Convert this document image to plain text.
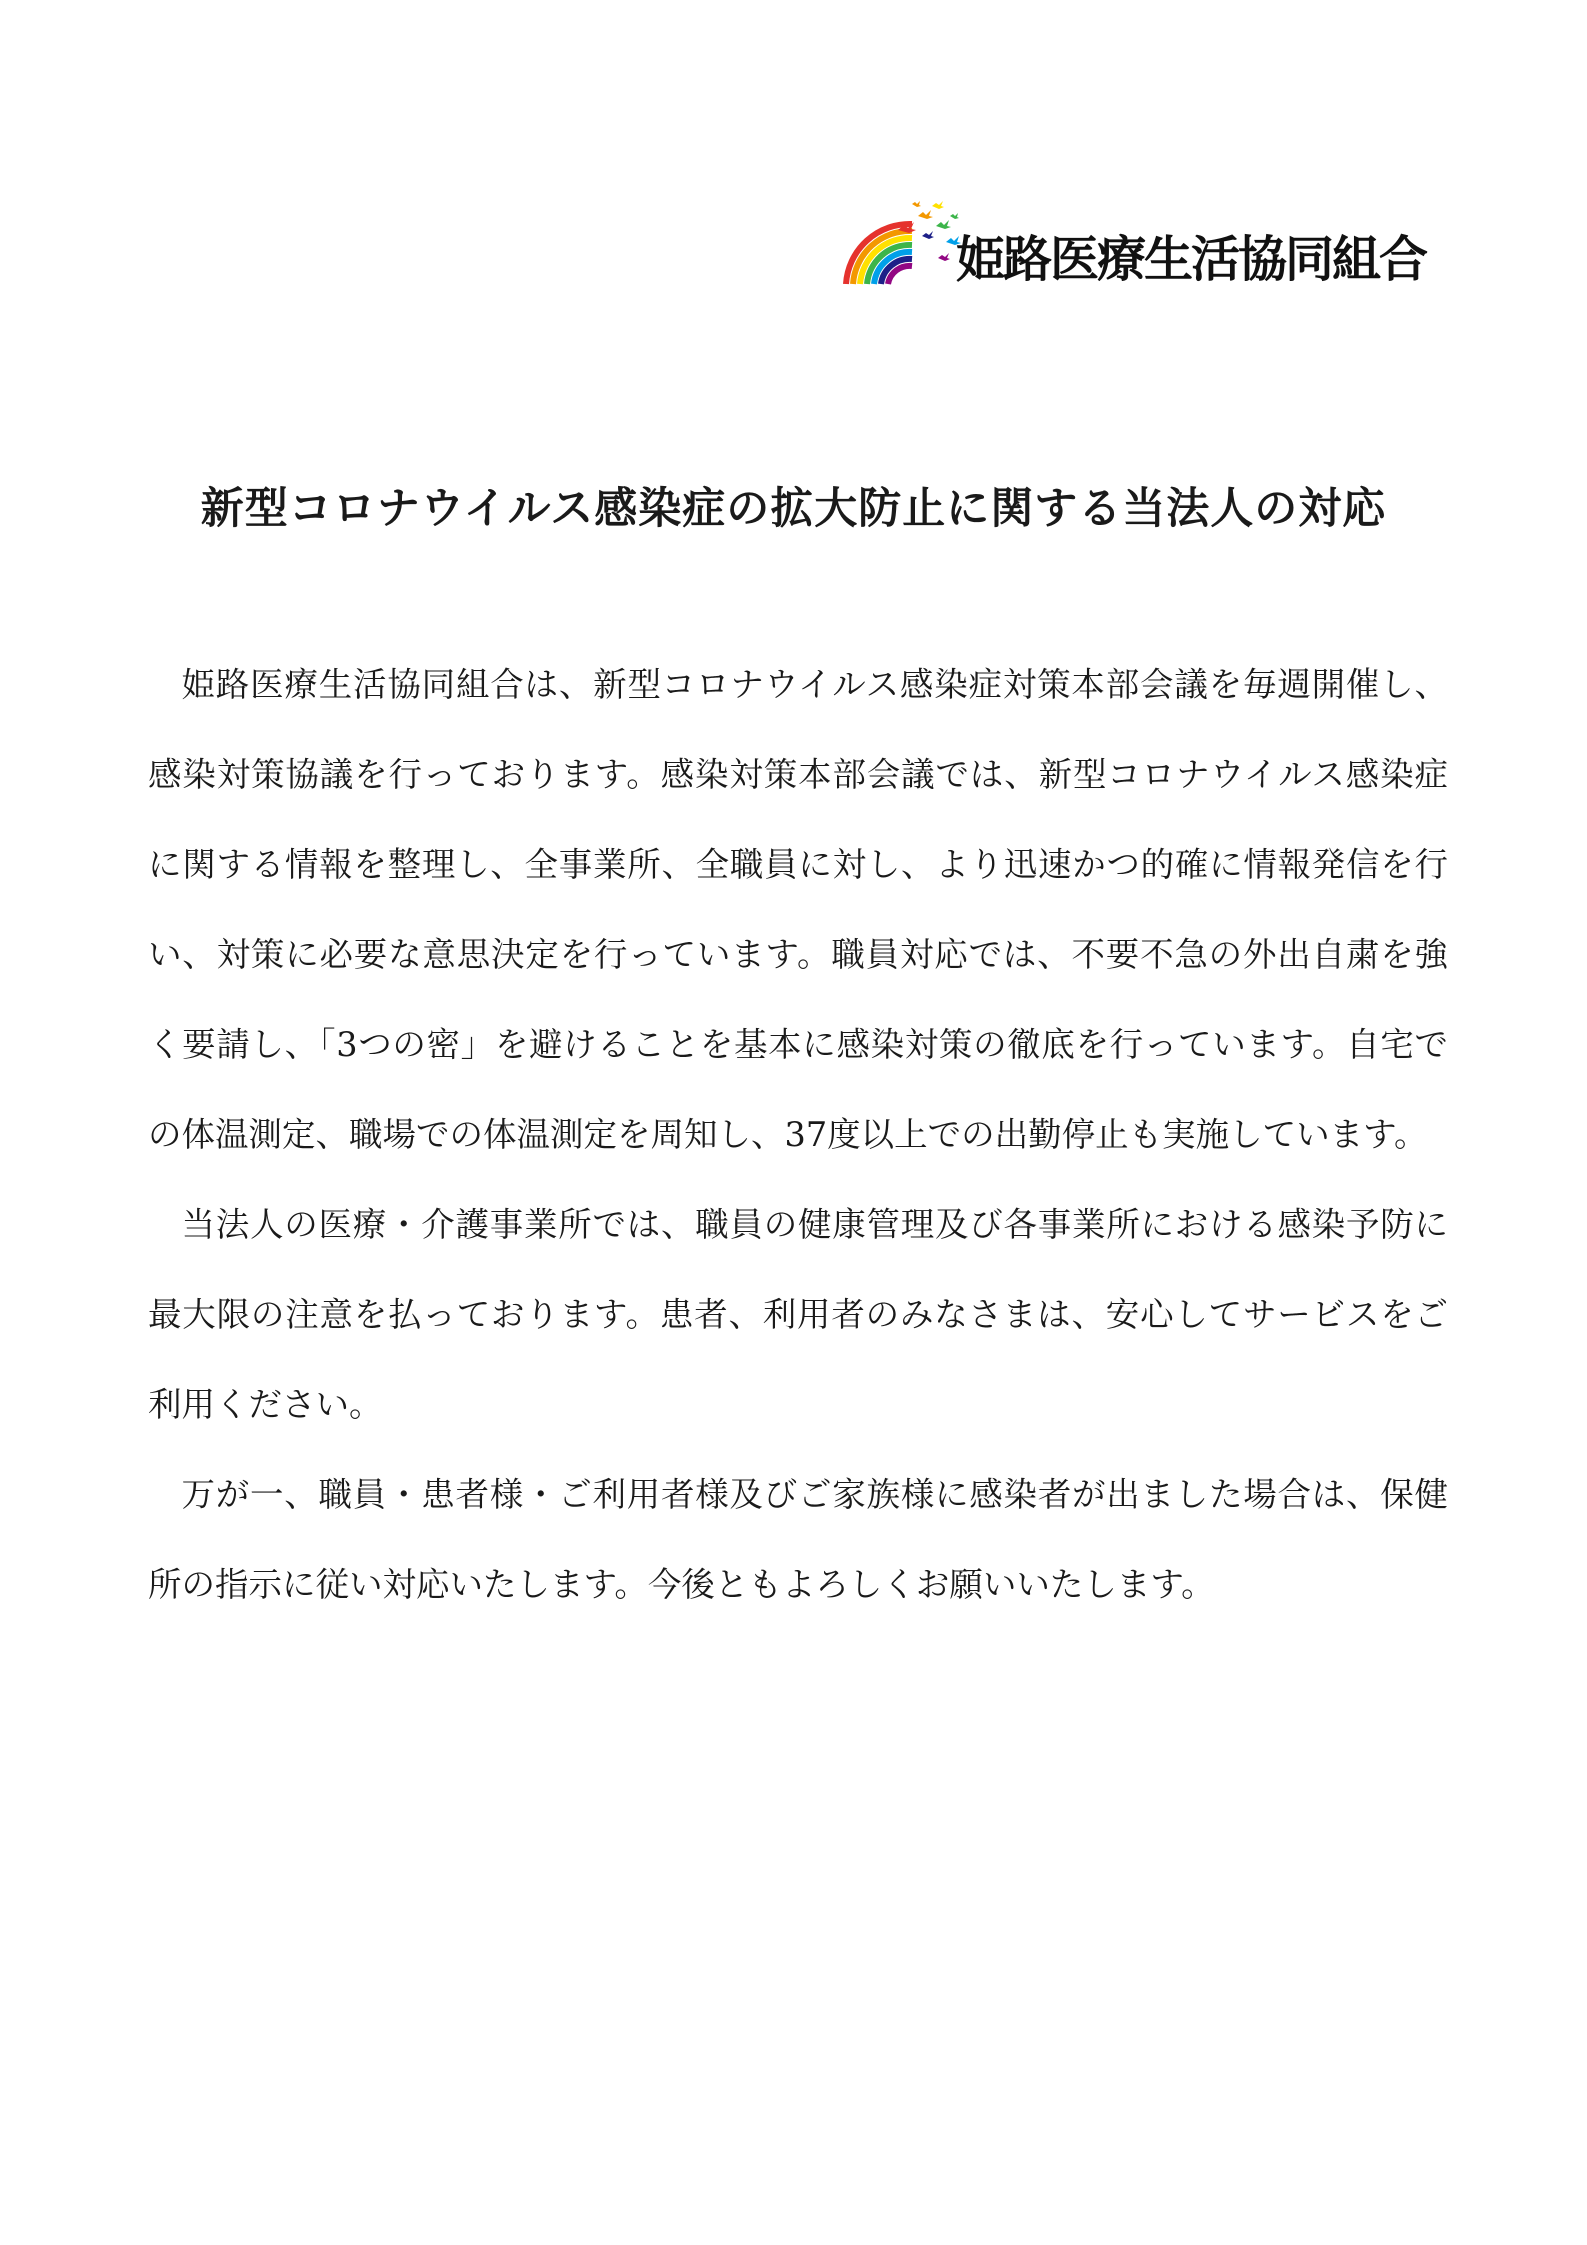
姫路医療生活協同組合
新型コロナウイルス感染症の拡大防止に関する当法人の対応

姫路医療生活協同組合は、新型コロナウイルス感染症対策本部会議を毎週開催し、感染対策協議を行っております。感染対策本部会議では、新型コロナウイルス感染症に関する情報を整理し、全事業所、全職員に対し、より迅速かつ的確に情報発信を行い、対策に必要な意思決定を行っています。職員対応では、不要不急の外出自粛を強く要請し、「3つの密」を避けることを基本に感染対策の徹底を行っています。自宅での体温測定、職場での体温測定を周知し、37度以上での出勤停止も実施しています。

当法人の医療・介護事業所では、職員の健康管理及び各事業所における感染予防に最大限の注意を払っております。患者、利用者のみなさまは、安心してサービスをご利用ください。

万が一、職員・患者様・ご利用者様及びご家族様に感染者が出ました場合は、保健所の指示に従い対応いたします。今後ともよろしくお願いいたします。
